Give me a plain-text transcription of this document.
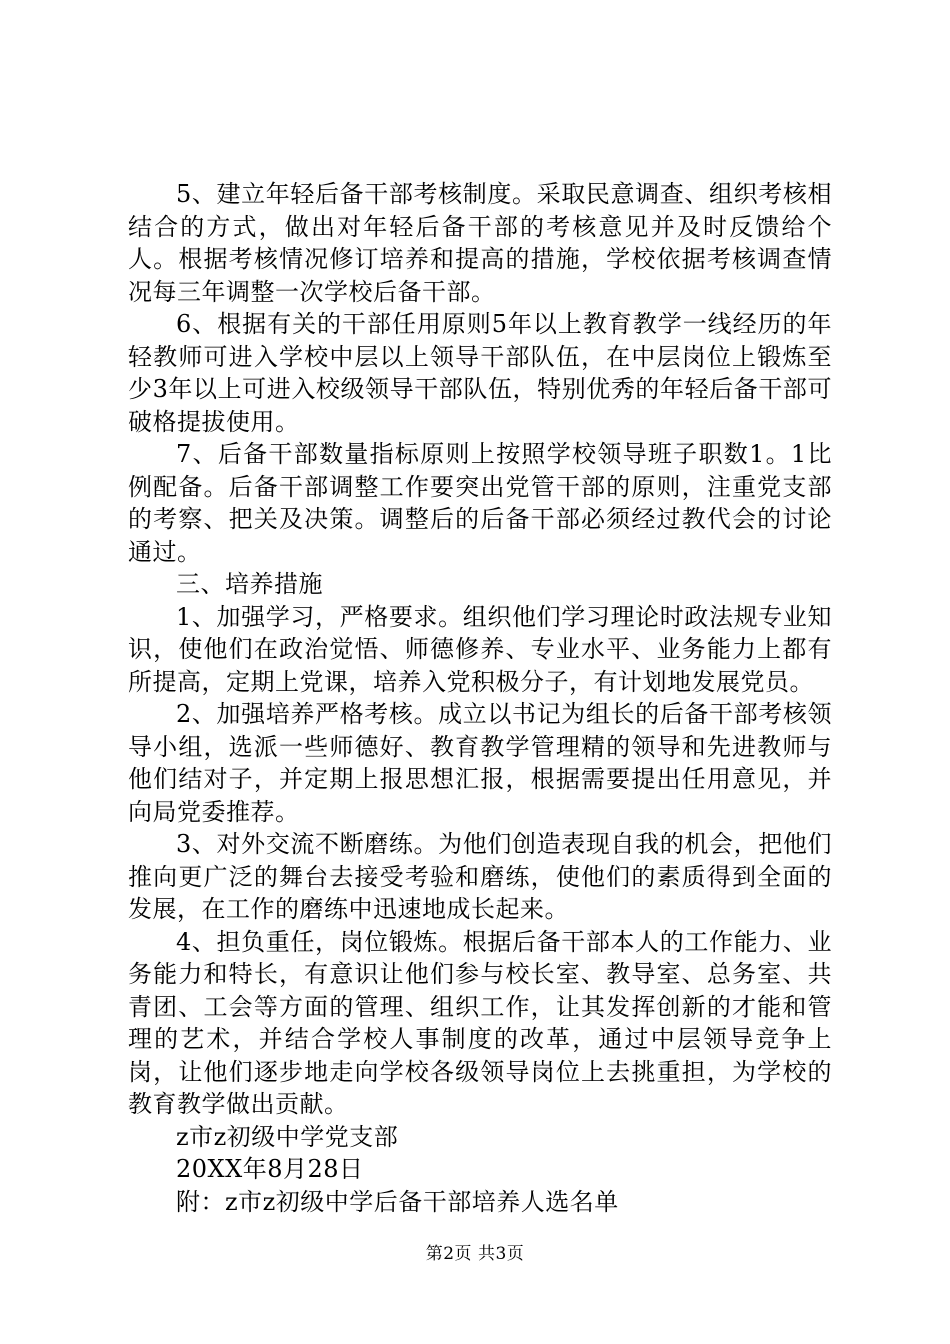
5、建立年轻后备干部考核制度。采取民意调查、组织考核相结合的方式，做出对年轻后备干部的考核意见并及时反馈给个人。根据考核情况修订培养和提高的措施，学校依据考核调查情况每三年调整一次学校后备干部。

6、根据有关的干部任用原则5年以上教育教学一线经历的年轻教师可进入学校中层以上领导干部队伍，在中层岗位上锻炼至少3年以上可进入校级领导干部队伍，特别优秀的年轻后备干部可破格提拔使用。

7、后备干部数量指标原则上按照学校领导班子职数1。1比例配备。后备干部调整工作要突出党管干部的原则，注重党支部的考察、把关及决策。调整后的后备干部必须经过教代会的讨论通过。

三、培养措施

1、加强学习，严格要求。组织他们学习理论时政法规专业知识，使他们在政治觉悟、师德修养、专业水平、业务能力上都有所提高，定期上党课，培养入党积极分子，有计划地发展党员。

2、加强培养严格考核。成立以书记为组长的后备干部考核领导小组，选派一些师德好、教育教学管理精的领导和先进教师与他们结对子，并定期上报思想汇报，根据需要提出任用意见，并向局党委推荐。

3、对外交流不断磨练。为他们创造表现自我的机会，把他们推向更广泛的舞台去接受考验和磨练，使他们的素质得到全面的发展，在工作的磨练中迅速地成长起来。

4、担负重任，岗位锻炼。根据后备干部本人的工作能力、业务能力和特长，有意识让他们参与校长室、教导室、总务室、共青团、工会等方面的管理、组织工作，让其发挥创新的才能和管理的艺术，并结合学校人事制度的改革，通过中层领导竞争上岗，让他们逐步地走向学校各级领导岗位上去挑重担，为学校的教育教学做出贡献。

z市z初级中学党支部

20XX年8月28日

附：z市z初级中学后备干部培养人选名单

第2页 共3页
